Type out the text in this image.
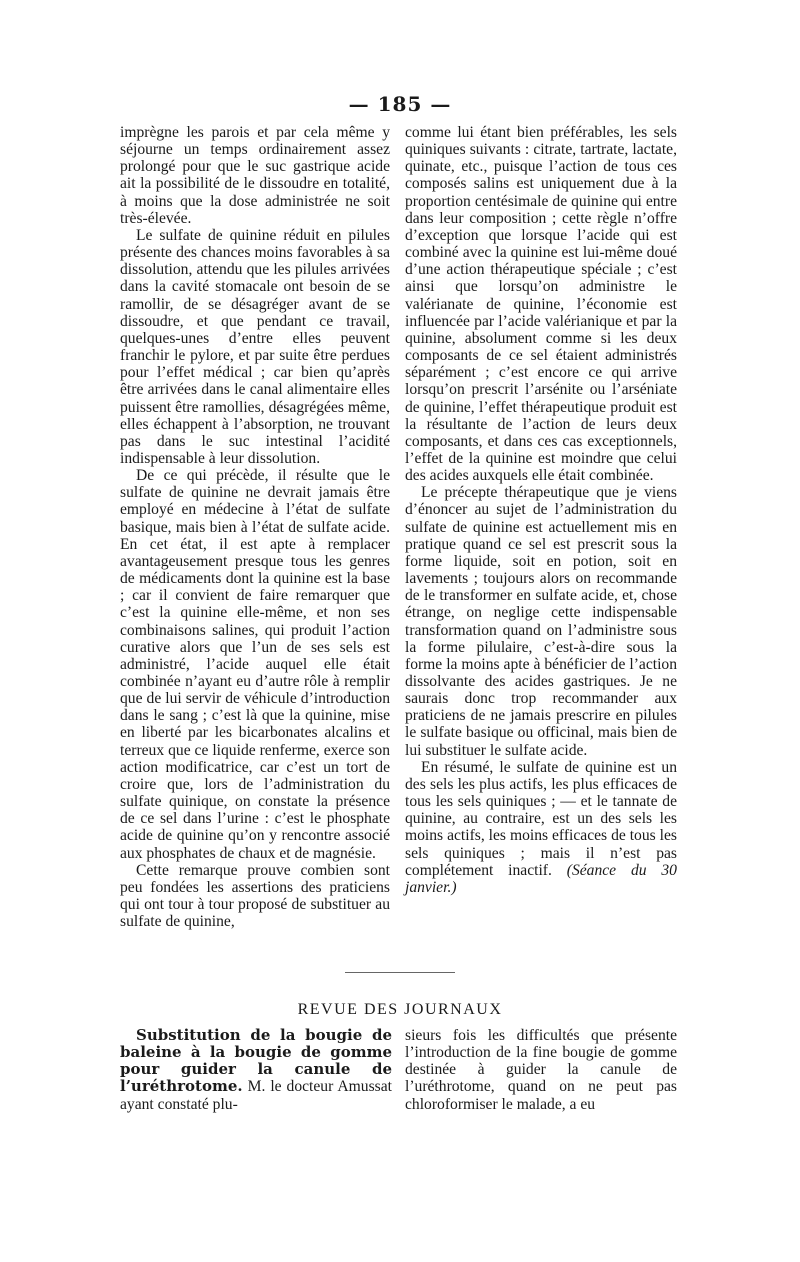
— 185 —

imprègne les parois et par cela même y séjourne un temps ordinairement assez prolongé pour que le suc gastrique acide ait la possibilité de le dissoudre en totalité, à moins que la dose administrée ne soit très-élevée.

Le sulfate de quinine réduit en pilules présente des chances moins favorables à sa dissolution, attendu que les pilules arrivées dans la cavité stomacale ont besoin de se ramollir, de se désagréger avant de se dissoudre, et que pendant ce travail, quelques-unes d’entre elles peuvent franchir le pylore, et par suite être perdues pour l’effet médical ; car bien qu’après être arrivées dans le canal alimentaire elles puissent être ramollies, désagrégées même, elles échappent à l’absorption, ne trouvant pas dans le suc intestinal l’acidité indispensable à leur dissolution.

De ce qui précède, il résulte que le sulfate de quinine ne devrait jamais être employé en médecine à l’état de sulfate basique, mais bien à l’état de sulfate acide. En cet état, il est apte à remplacer avantageusement presque tous les genres de médicaments dont la quinine est la base ; car il convient de faire remarquer que c’est la quinine elle-même, et non ses combinaisons salines, qui produit l’action curative alors que l’un de ses sels est administré, l’acide auquel elle était combinée n’ayant eu d’autre rôle à remplir que de lui servir de véhicule d’introduction dans le sang ; c’est là que la quinine, mise en liberté par les bicarbonates alcalins et terreux que ce liquide renferme, exerce son action modificatrice, car c’est un tort de croire que, lors de l’administration du sulfate quinique, on constate la présence de ce sel dans l’urine : c’est le phosphate acide de quinine qu’on y rencontre associé aux phosphates de chaux et de magnésie.

Cette remarque prouve combien sont peu fondées les assertions des praticiens qui ont tour à tour proposé de substituer au sulfate de quinine,

comme lui étant bien préférables, les sels quiniques suivants : citrate, tartrate, lactate, quinate, etc., puisque l’action de tous ces composés salins est uniquement due à la proportion centésimale de quinine qui entre dans leur composition ; cette règle n’offre d’exception que lorsque l’acide qui est combiné avec la quinine est lui-même doué d’une action thérapeutique spéciale ; c’est ainsi que lorsqu’on administre le valérianate de quinine, l’économie est influencée par l’acide valérianique et par la quinine, absolument comme si les deux composants de ce sel étaient administrés séparément ; c’est encore ce qui arrive lorsqu’on prescrit l’arsénite ou l’arséniate de quinine, l’effet thérapeutique produit est la résultante de l’action de leurs deux composants, et dans ces cas exceptionnels, l’effet de la quinine est moindre que celui des acides auxquels elle était combinée.

Le précepte thérapeutique que je viens d’énoncer au sujet de l’administration du sulfate de quinine est actuellement mis en pratique quand ce sel est prescrit sous la forme liquide, soit en potion, soit en lavements ; toujours alors on recommande de le transformer en sulfate acide, et, chose étrange, on neglige cette indispensable transformation quand on l’administre sous la forme pilulaire, c’est-à-dire sous la forme la moins apte à bénéficier de l’action dissolvante des acides gastriques. Je ne saurais donc trop recommander aux praticiens de ne jamais prescrire en pilules le sulfate basique ou officinal, mais bien de lui substituer le sulfate acide.

En résumé, le sulfate de quinine est un des sels les plus actifs, les plus efficaces de tous les sels quiniques ; — et le tannate de quinine, au contraire, est un des sels les moins actifs, les moins efficaces de tous les sels quiniques ; mais il n’est pas complétement inactif. (Séance du 30 janvier.)

REVUE DES JOURNAUX

Substitution de la bougie de baleine à la bougie de gomme pour guider la canule de l’uréthrotome. M. le docteur Amussat ayant constaté plu-

sieurs fois les difficultés que présente l’introduction de la fine bougie de gomme destinée à guider la canule de l’uréthrotome, quand on ne peut pas chloroformiser le malade, a eu
